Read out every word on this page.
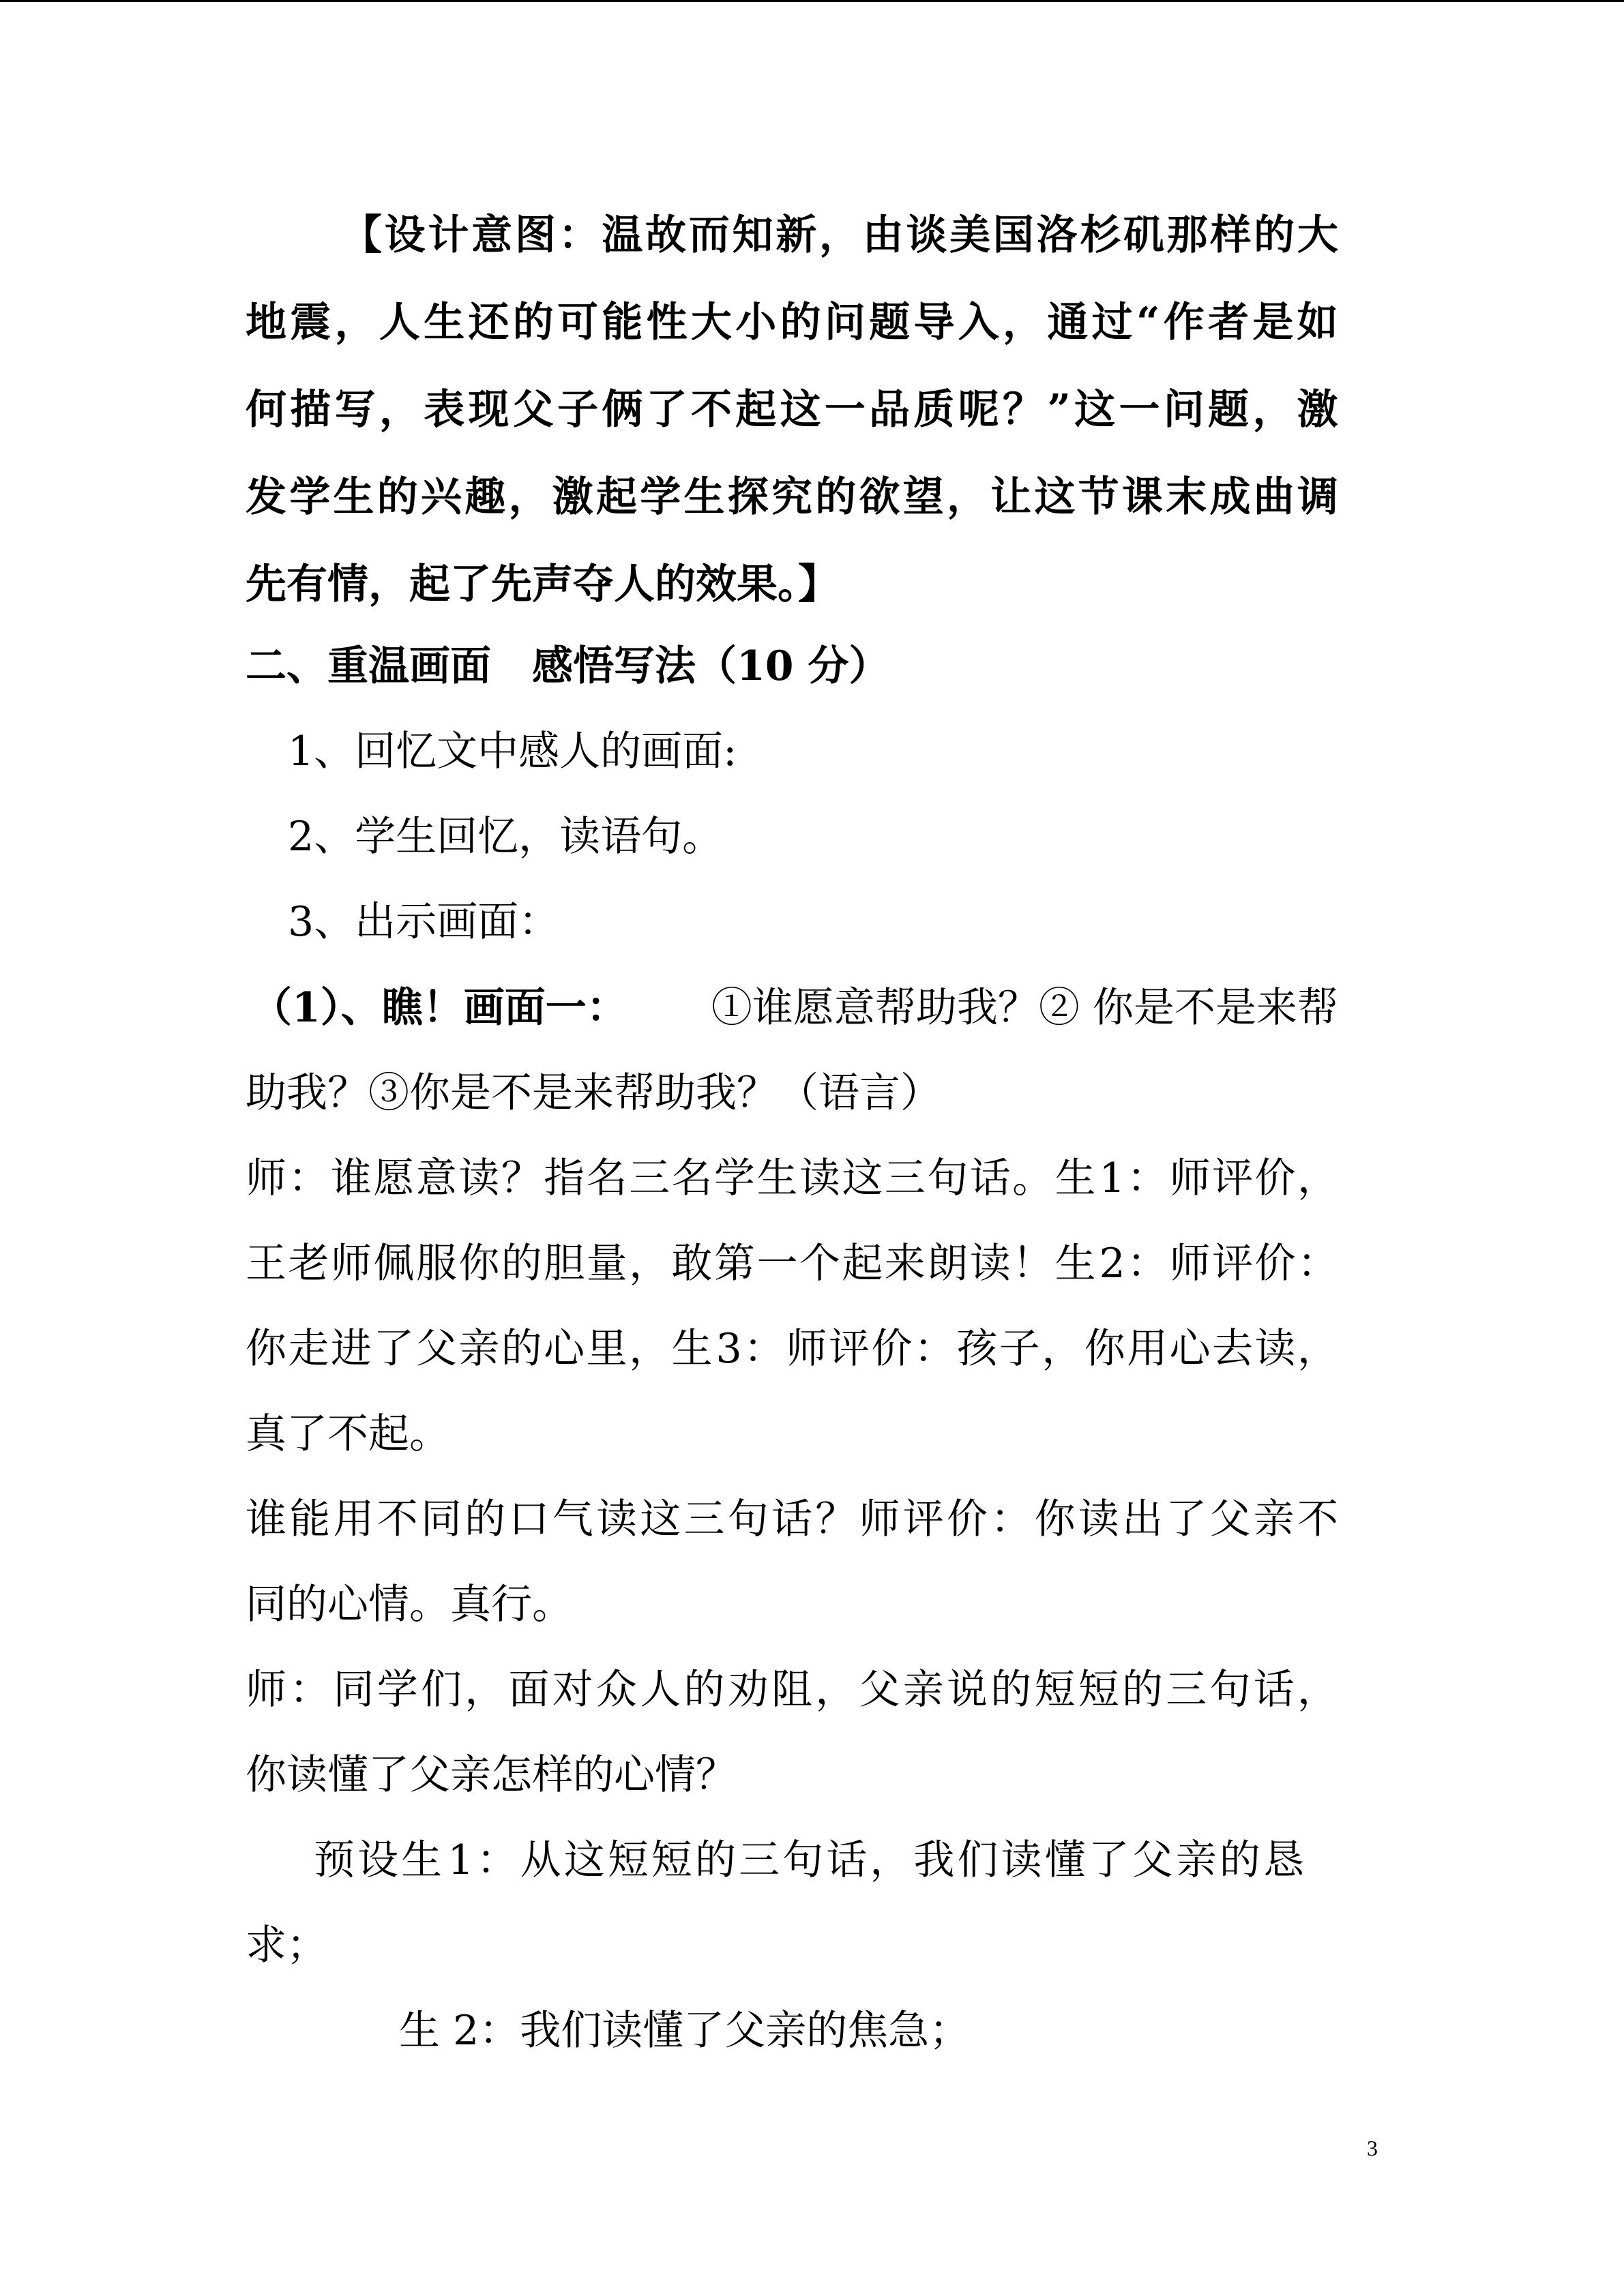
【 设 计 意 图 ： 温 故 而 知 新 ， 由 谈 美 国 洛 杉 矶 那 样 的 大
地 震 ， 人 生 还 的 可 能 性 大 小 的 问 题 导 入 ， 通 过 “ 作 者 是 如
何 描 写 ， 表 现 父 子 俩 了 不 起 这 一 品 质 呢 ？ ” 这 一 问 题 ， 激
发 学 生 的 兴 趣 ， 激 起 学 生 探 究 的 欲 望 ， 让 这 节 课 末 成 曲 调
先有情，起了先声夺人的效果。】
二、重温画面　感悟写法（10 分）
1、回忆文中感人的画面:
2、学生回忆，读语句。
3、出示画面：
（1）、瞧！画面一： ①谁愿意帮助我？② 你是不是来帮
助我？③你是不是来帮助我？（语言）
师 ： 谁 愿 意 读 ？ 指 名 三 名 学 生 读 这 三 句 话 。 生 1 ： 师 评 价 ，
王 老 师 佩 服 你 的 胆 量 ， 敢 第 一 个 起 来 朗 读 ！ 生 2 ： 师 评 价 ：
你 走 进 了 父 亲 的 心 里 ， 生 3 ： 师 评 价 ： 孩 子 ， 你 用 心 去 读 ，
真了不起。
谁 能 用 不 同 的 口 气 读 这 三 句 话 ？ 师 评 价 ： 你 读 出 了 父 亲 不
同的心情。真行。
师 ： 同 学 们 ， 面 对 众 人 的 劝 阻 ， 父 亲 说 的 短 短 的 三 句 话 ，
你读懂了父亲怎样的心情？
预 设 生 1 ： 从 这 短 短 的 三 句 话 ， 我 们 读 懂 了 父 亲 的 恳
求；
生 2：我们读懂了父亲的焦急；
3
